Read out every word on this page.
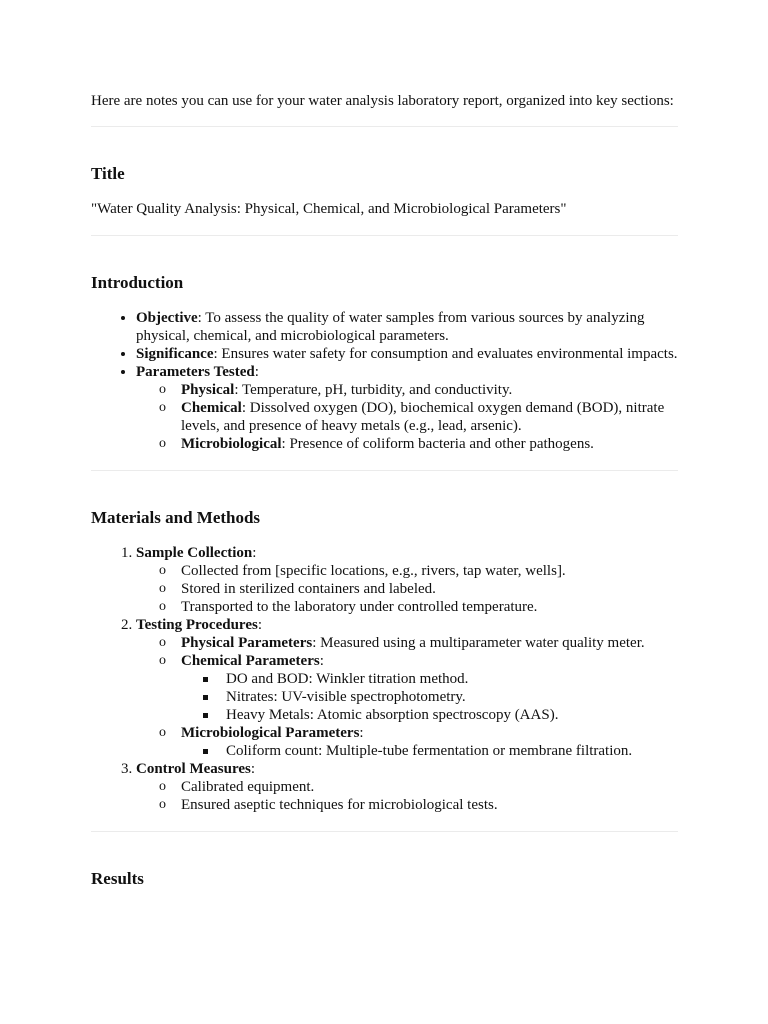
Here are notes you can use for your water analysis laboratory report, organized into key sections:

Title

"Water Quality Analysis: Physical, Chemical, and Microbiological Parameters"

Introduction
• Objective: To assess the quality of water samples from various sources by analyzing physical, chemical, and microbiological parameters.
• Significance: Ensures water safety for consumption and evaluates environmental impacts.
• Parameters Tested:
o Physical: Temperature, pH, turbidity, and conductivity.
o Chemical: Dissolved oxygen (DO), biochemical oxygen demand (BOD), nitrate levels, and presence of heavy metals (e.g., lead, arsenic).
o Microbiological: Presence of coliform bacteria and other pathogens.
Materials and Methods
1. Sample Collection:
o Collected from [specific locations, e.g., rivers, tap water, wells].
o Stored in sterilized containers and labeled.
o Transported to the laboratory under controlled temperature.
2. Testing Procedures:
o Physical Parameters: Measured using a multiparameter water quality meter.
o Chemical Parameters:
DO and BOD: Winkler titration method.
Nitrates: UV-visible spectrophotometry.
Heavy Metals: Atomic absorption spectroscopy (AAS).
o Microbiological Parameters:
Coliform count: Multiple-tube fermentation or membrane filtration.
3. Control Measures:
o Calibrated equipment.
o Ensured aseptic techniques for microbiological tests.
Results
